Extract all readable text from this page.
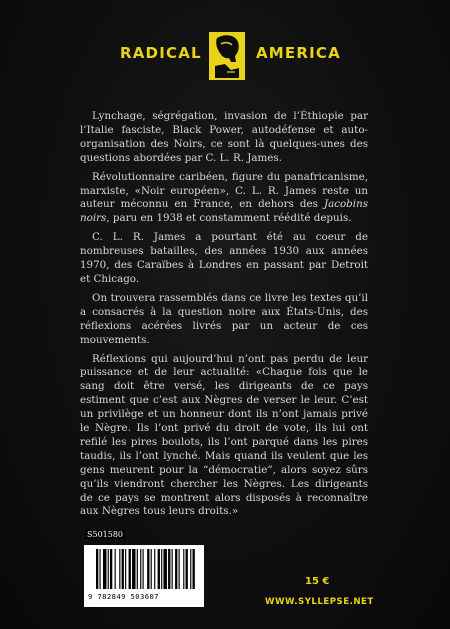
RADICAL	AMERICA

Lynchage, ségrégation, invasion de l’Éthiopie par l’Italie fasciste, Black Power, autodéfense et auto-organisation des Noirs, ce sont là quelques-unes des questions abordées par C. L. R. James.

Révolutionnaire caribéen, figure du panafricanisme, marxiste, «Noir européen», C. L. R. James reste un auteur méconnu en France, en dehors des Jacobins noirs, paru en 1938 et constamment réédité depuis.

C. L. R. James a pourtant été au coeur de nombreuses batailles, des années 1930 aux années 1970, des Caraïbes à Londres en passant par Detroit et Chicago.

On trouvera rassemblés dans ce livre les textes qu’il a consacrés à la question noire aux États-Unis, des réflexions acérées livrés par un acteur de ces mouvements.

Réflexions qui aujourd’hui n’ont pas perdu de leur puissance et de leur actualité: «Chaque fois que le sang doit être versé, les dirigeants de ce pays estiment que c’est aux Nègres de verser le leur. C’est un privilège et un honneur dont ils n’ont jamais privé le Nègre. Ils l’ont privé du droit de vote, ils lui ont refilé les pires boulots, ils l’ont parqué dans les pires taudis, ils l’ont lynché. Mais quand ils veulent que les gens meurent pour la “démocratie”, alors soyez sûrs qu’ils viendront chercher les Nègres. Les dirigeants de ce pays se montrent alors disposés à reconnaître aux Nègres tous leurs droits.»

S501580
9 782849 503607
15 €
WWW.SYLLEPSE.NET
